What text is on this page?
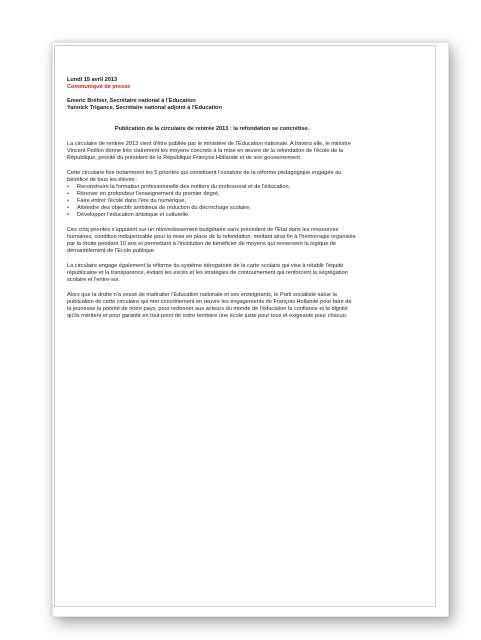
Lundi 15 avril 2013
Communiqué de presse
Emeric Bréhier, Secrétaire national à l'Education
Yannick Trigance, Secrétaire national adjoint à l'Education
Publication de la circulaire de rentrée 2013 : la refondation se concrétise.

La circulaire de rentrée 2013 vient d'être publiée par le ministère de l'Education nationale. A travers elle, le ministre Vincent Peillon donne très clairement les moyens concrets à la mise en œuvre de la refondation de l'école de la République, priorité du président de la République François Hollande et de son gouvernement.

Cette circulaire fixe notamment les 5 priorités qui constituent l'ossature de la réforme pédagogique engagée au bénéfice de tous les élèves :

• Reconstruire la formation professionnelle des métiers du professorat et de l'éducation,
• Rénover en profondeur l'enseignement du premier degré,
• Faire entrer l'école dans l'ère du numérique,
• Atteindre des objectifs ambitieux de réduction du décrochage scolaire,
• Développer l'éducation artistique et culturelle.

Ces cinq priorités s'appuient sur un réinvestissement budgétaire sans précédent de l'Etat dans les ressources humaines, condition indispensable pour la mise en place de la refondation, mettant ainsi fin à l'hémorragie organisée par la droite pendant 10 ans et permettant à l'institution de bénéficier de moyens qui renversent la logique de démantèlement de l'Ecole publique.

La circulaire engage également la réforme du système dérogatoire de la carte scolaire qui vise à rétablir l'équité républicaine et la transparence, évitant les excès et les stratégies de contournement qui renforcent la ségrégation scolaire et l'entre-soi.

Alors que la droite n'a cessé de maltraiter l'Education nationale et ses enseignants, le Parti socialiste salue la publication de cette circulaire qui met concrètement en œuvre les engagements de François Hollande pour faire de la jeunesse la priorité de notre pays, pour redonner aux acteurs du monde de l'éducation la confiance et la dignité qu'ils méritent et pour garantir en tout point de notre territoire une école juste pour tous et exigeante pour chacun.
